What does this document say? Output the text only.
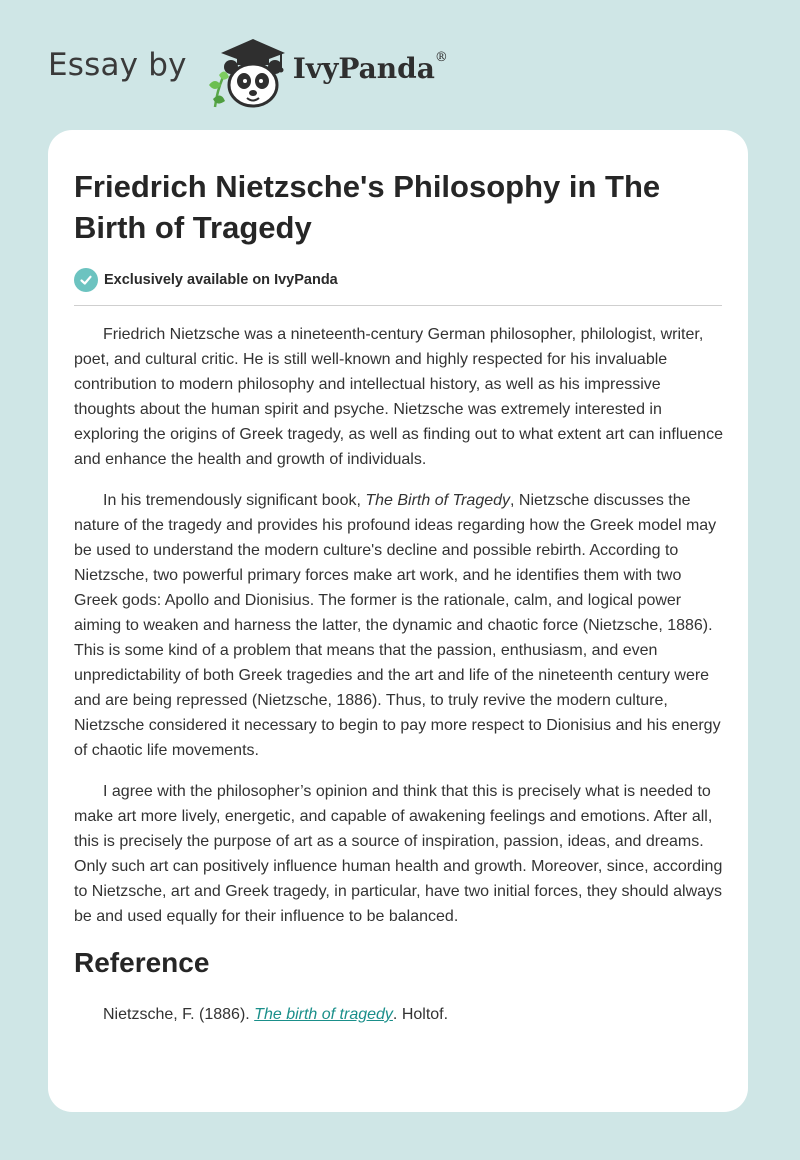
Essay by	IvyPanda®
Friedrich Nietzsche's Philosophy in The Birth of Tragedy
Exclusively available on IvyPanda

Friedrich Nietzsche was a nineteenth-century German philosopher, philologist, writer, poet, and cultural critic. He is still well-known and highly respected for his invaluable contribution to modern philosophy and intellectual history, as well as his impressive thoughts about the human spirit and psyche. Nietzsche was extremely interested in exploring the origins of Greek tragedy, as well as finding out to what extent art can influence and enhance the health and growth of individuals.

In his tremendously significant book, The Birth of Tragedy, Nietzsche discusses the nature of the tragedy and provides his profound ideas regarding how the Greek model may be used to understand the modern culture's decline and possible rebirth. According to Nietzsche, two powerful primary forces make art work, and he identifies them with two Greek gods: Apollo and Dionisius. The former is the rationale, calm, and logical power aiming to weaken and harness the latter, the dynamic and chaotic force (Nietzsche, 1886). This is some kind of a problem that means that the passion, enthusiasm, and even unpredictability of both Greek tragedies and the art and life of the nineteenth century were and are being repressed (Nietzsche, 1886). Thus, to truly revive the modern culture, Nietzsche considered it necessary to begin to pay more respect to Dionisius and his energy of chaotic life movements.

I agree with the philosopher’s opinion and think that this is precisely what is needed to make art more lively, energetic, and capable of awakening feelings and emotions. After all, this is precisely the purpose of art as a source of inspiration, passion, ideas, and dreams. Only such art can positively influence human health and growth. Moreover, since, according to Nietzsche, art and Greek tragedy, in particular, have two initial forces, they should always be and used equally for their influence to be balanced.

Reference
Nietzsche, F. (1886). The birth of tragedy. Holtof.
